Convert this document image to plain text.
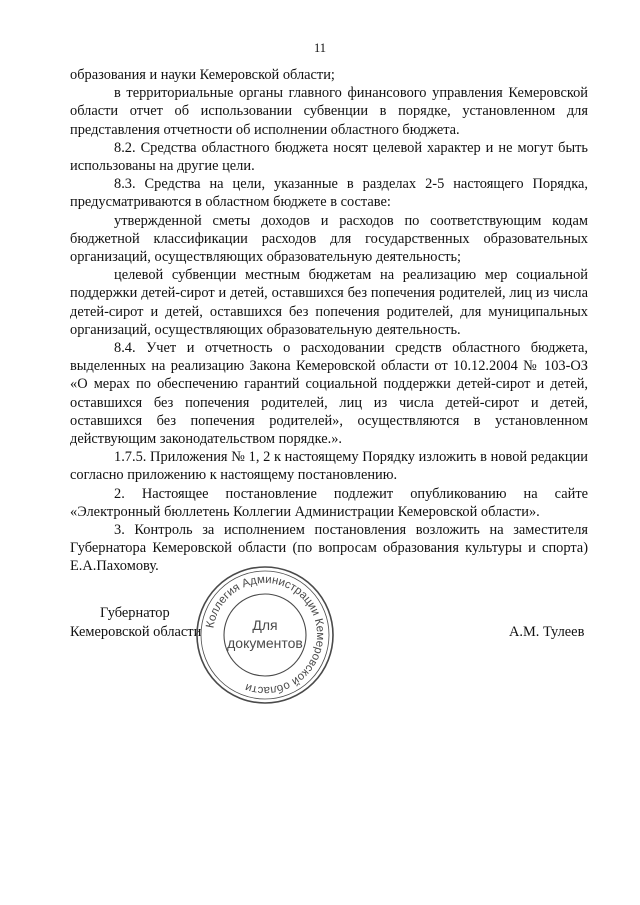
11

образования и науки Кемеровской области;

в территориальные органы главного финансового управления Кемеровской области отчет об использовании субвенции в порядке, установленном для представления отчетности об исполнении областного бюджета.

8.2. Средства областного бюджета носят целевой характер и не могут быть использованы на другие цели.

8.3. Средства на цели, указанные в разделах 2-5 настоящего Порядка, предусматриваются в областном бюджете в составе:

утвержденной сметы доходов и расходов по соответствующим кодам бюджетной классификации расходов для государственных образовательных организаций, осуществляющих образовательную деятельность;

целевой субвенции местным бюджетам на реализацию мер социальной поддержки детей-сирот и детей, оставшихся без попечения родителей, лиц из числа детей-сирот и детей, оставшихся без попечения родителей, для муниципальных организаций, осуществляющих образовательную деятельность.

8.4. Учет и отчетность о расходовании средств областного бюджета, выделенных на реализацию Закона Кемеровской области от 10.12.2004 № 103-ОЗ «О мерах по обеспечению гарантий социальной поддержки детей-сирот и детей, оставшихся без попечения родителей, лиц из числа детей-сирот и детей, оставшихся без попечения родителей», осуществляются в установленном действующим законодательством порядке.».

1.7.5. Приложения № 1, 2 к настоящему Порядку изложить в новой редакции согласно приложению к настоящему постановлению.

2. Настоящее постановление подлежит опубликованию на сайте «Электронный бюллетень Коллегии Администрации Кемеровской области».

3. Контроль за исполнением постановления возложить на заместителя Губернатора Кемеровской области (по вопросам образования культуры и спорта) Е.А.Пахомову.

Губернатор
Кемеровской области Коллегия Администрации Кемеровской области
Для
документов
А.М. Тулеев
